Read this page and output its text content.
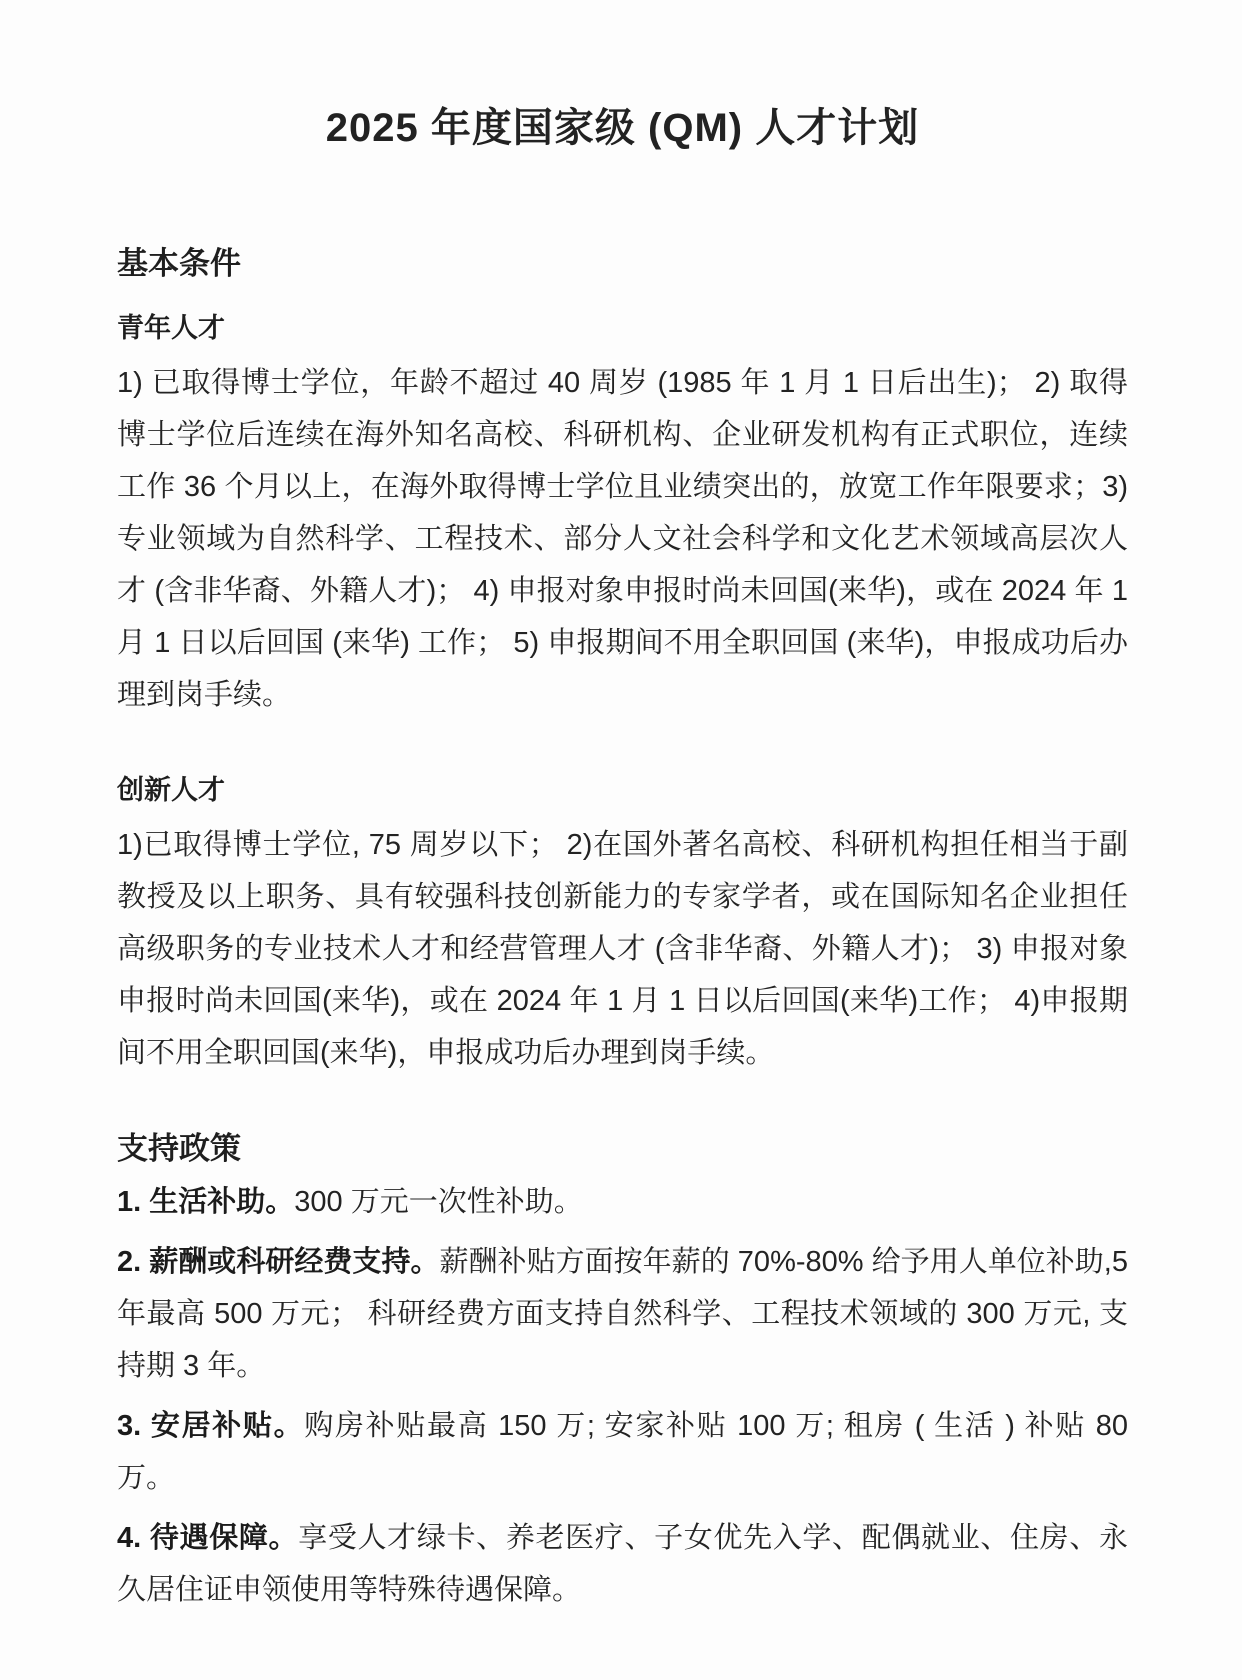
2025 年度国家级 (QM) 人才计划
基本条件
青年人才

1) 已取得博士学位，年龄不超过 40 周岁 (1985 年 1 月 1 日后出生)； 2) 取得博士学位后连续在海外知名高校、科研机构、企业研发机构有正式职位，连续工作 36 个月以上，在海外取得博士学位且业绩突出的，放宽工作年限要求；3) 专业领域为自然科学、工程技术、部分人文社会科学和文化艺术领域高层次人才 (含非华裔、外籍人才)； 4) 申报对象申报时尚未回国(来华)，或在 2024 年 1 月 1 日以后回国 (来华) 工作； 5) 申报期间不用全职回国 (来华)，申报成功后办理到岗手续。

创新人才

1)已取得博士学位, 75 周岁以下； 2)在国外著名高校、科研机构担任相当于副教授及以上职务、具有较强科技创新能力的专家学者，或在国际知名企业担任高级职务的专业技术人才和经营管理人才 (含非华裔、外籍人才)； 3) 申报对象申报时尚未回国(来华)，或在 2024 年 1 月 1 日以后回国(来华)工作； 4)申报期间不用全职回国(来华)，申报成功后办理到岗手续。

支持政策

1. 生活补助。300 万元一次性补助。

2. 薪酬或科研经费支持。薪酬补贴方面按年薪的 70%-80% 给予用人单位补助,5 年最高 500 万元； 科研经费方面支持自然科学、工程技术领域的 300 万元, 支持期 3 年。

3. 安居补贴。购房补贴最高 150 万; 安家补贴 100 万; 租房 ( 生活 ) 补贴 80 万。

4. 待遇保障。享受人才绿卡、养老医疗、子女优先入学、配偶就业、住房、永久居住证申领使用等特殊待遇保障。
